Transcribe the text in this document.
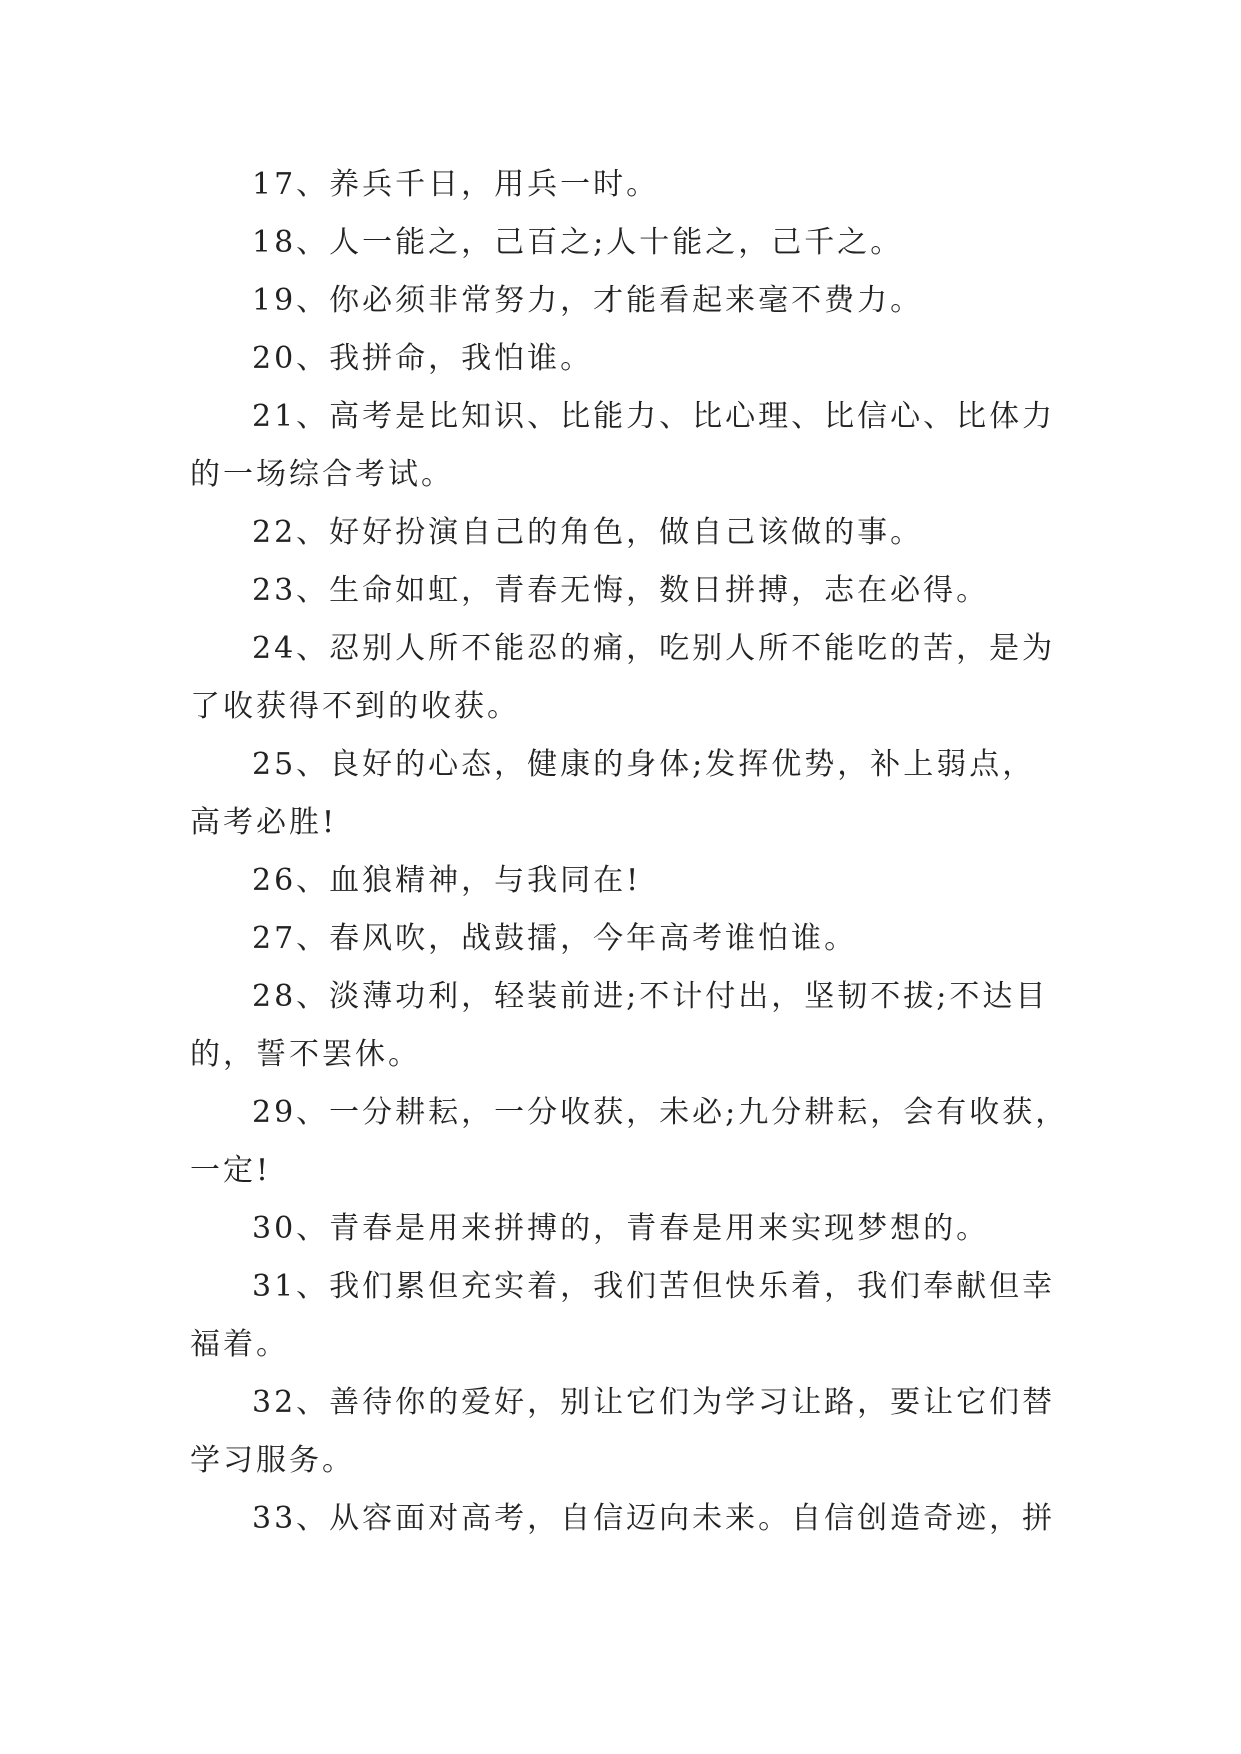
17、养兵千日，用兵一时。
18、人一能之，己百之;人十能之，己千之。
19、你必须非常努力，才能看起来毫不费力。
20、我拼命，我怕谁。
21、高考是比知识、比能力、比心理、比信心、比体力
的一场综合考试。
22、好好扮演自己的角色，做自己该做的事。
23、生命如虹，青春无悔，数日拼搏，志在必得。
24、忍别人所不能忍的痛，吃别人所不能吃的苦，是为
了收获得不到的收获。
25、良好的心态，健康的身体;发挥优势，补上弱点，
高考必胜!
26、血狼精神，与我同在!
27、春风吹，战鼓擂，今年高考谁怕谁。
28、淡薄功利，轻装前进;不计付出，坚韧不拔;不达目
的，誓不罢休。
29、一分耕耘，一分收获，未必;九分耕耘，会有收获，
一定!
30、青春是用来拼搏的，青春是用来实现梦想的。
31、我们累但充实着，我们苦但快乐着，我们奉献但幸
福着。
32、善待你的爱好，别让它们为学习让路，要让它们替
学习服务。
33、从容面对高考，自信迈向未来。自信创造奇迹，拼
